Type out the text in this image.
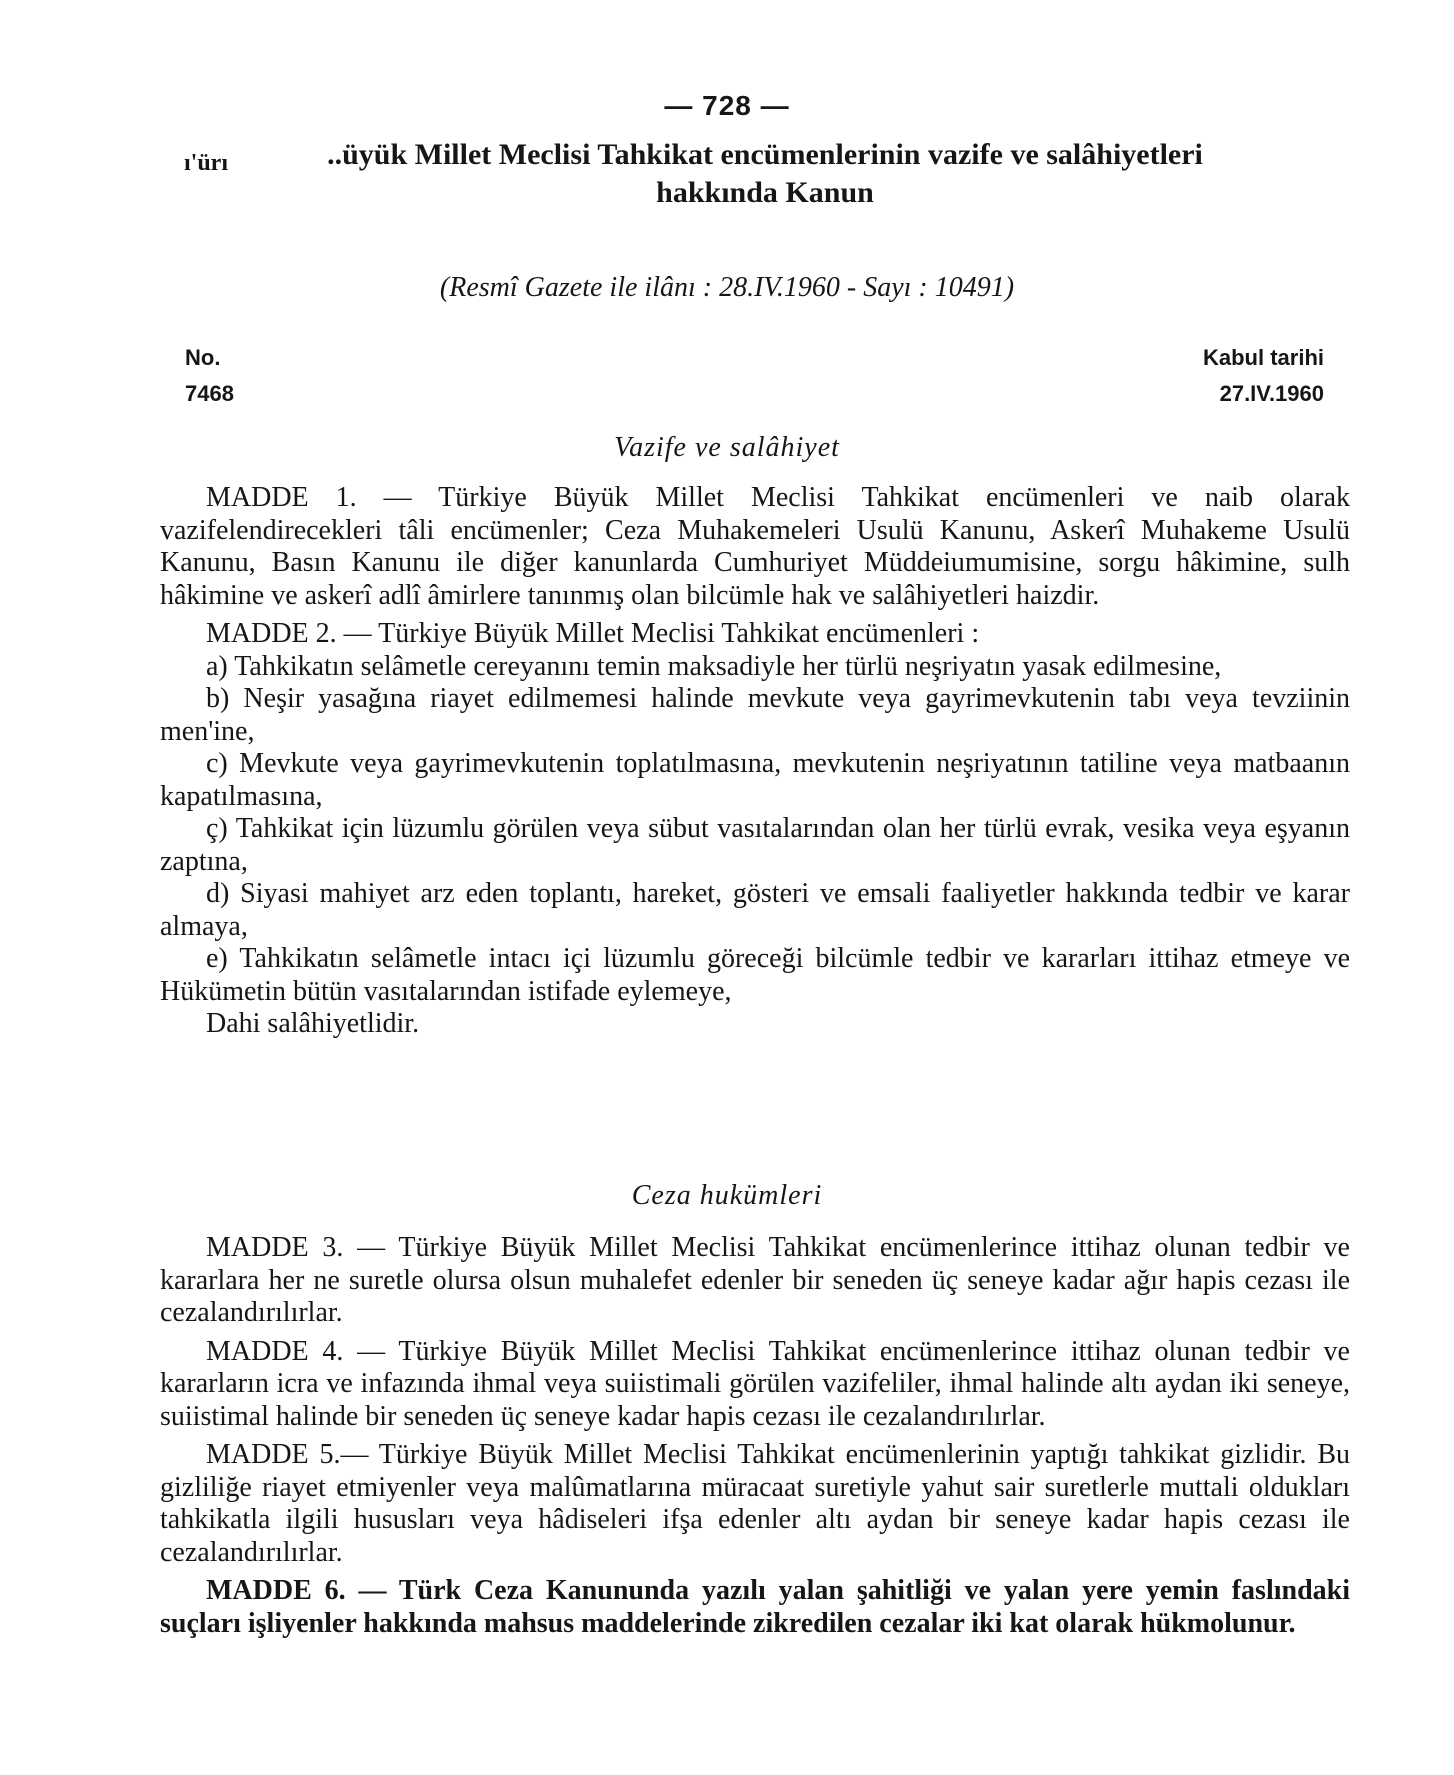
— 728 —
ı'ürı	..üyük Millet Meclisi Tahkikat encümenlerinin vazife ve salâhiyetleri
hakkında Kanun
(Resmî Gazete ile ilânı : 28.IV.1960 - Sayı : 10491)
No.
7468
Kabul tarihi
27.IV.1960
Vazife ve salâhiyet

MADDE 1. — Türkiye Büyük Millet Meclisi Tahkikat encümenleri ve naib olarak vazifelendirecekleri tâli encümenler; Ceza Muhakemeleri Usulü Kanunu, Askerî Muhakeme Usulü Kanunu, Basın Kanunu ile diğer kanunlarda Cumhuriyet Müddeiumumisine, sorgu hâkimine, sulh hâkimine ve askerî adlî âmirlere tanınmış olan bilcümle hak ve salâhiyetleri haizdir.

MADDE 2. — Türkiye Büyük Millet Meclisi Tahkikat encümenleri :

a) Tahkikatın selâmetle cereyanını temin maksadiyle her türlü neşriyatın yasak edilmesine,

b) Neşir yasağına riayet edilmemesi halinde mevkute veya gayrimevkutenin tabı veya tevziinin men'ine,

c) Mevkute veya gayrimevkutenin toplatılmasına, mevkutenin neşriyatının tatiline veya matbaanın kapatılmasına,

ç) Tahkikat için lüzumlu görülen veya sübut vasıtalarından olan her türlü evrak, vesika veya eşyanın zaptına,

d) Siyasi mahiyet arz eden toplantı, hareket, gösteri ve emsali faaliyetler hakkında tedbir ve karar almaya,

e) Tahkikatın selâmetle intacı içi lüzumlu göreceği bilcümle tedbir ve kararları ittihaz etmeye ve Hükümetin bütün vasıtalarından istifade eylemeye,

Dahi salâhiyetlidir.

Ceza hukümleri

MADDE 3. — Türkiye Büyük Millet Meclisi Tahkikat encümenlerince ittihaz olunan tedbir ve kararlara her ne suretle olursa olsun muhalefet edenler bir seneden üç seneye kadar ağır hapis cezası ile cezalandırılırlar.

MADDE 4. — Türkiye Büyük Millet Meclisi Tahkikat encümenlerince ittihaz olunan tedbir ve kararların icra ve infazında ihmal veya suiistimali görülen vazifeliler, ihmal halinde altı aydan iki seneye, suiistimal halinde bir seneden üç seneye kadar hapis cezası ile cezalandırılırlar.

MADDE 5.— Türkiye Büyük Millet Meclisi Tahkikat encümenlerinin yaptığı tahkikat gizlidir. Bu gizliliğe riayet etmiyenler veya malûmatlarına müracaat suretiyle yahut sair suretlerle muttali oldukları tahkikatla ilgili hususları veya hâdiseleri ifşa edenler altı aydan bir seneye kadar hapis cezası ile cezalandırılırlar.

MADDE 6. — Türk Ceza Kanununda yazılı yalan şahitliği ve yalan yere yemin faslındaki suçları işliyenler hakkında mahsus maddelerinde zikredilen cezalar iki kat olarak hükmolunur.
